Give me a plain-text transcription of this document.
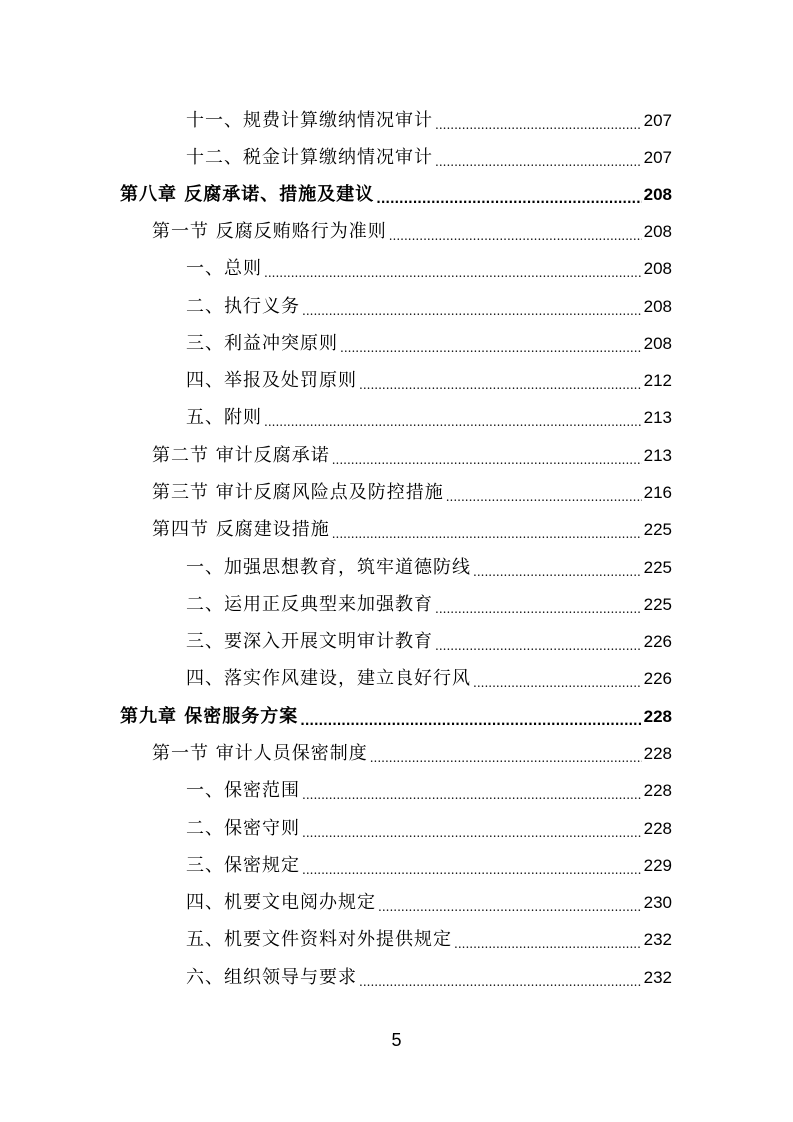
十一、规费计算缴纳情况审计 .....	207
十二、税金计算缴纳情况审计 .....	207
第八章 反腐承诺、措施及建议 .....	208
第一节 反腐反贿赂行为准则 .....	208
一、总则 .....	208
二、执行义务 .....	208
三、利益冲突原则 .....	208
四、举报及处罚原则 .....	212
五、附则 .....	213
第二节 审计反腐承诺 .....	213
第三节 审计反腐风险点及防控措施 .....	216
第四节 反腐建设措施 .....	225
一、加强思想教育，筑牢道德防线 .....	225
二、运用正反典型来加强教育 .....	225
三、要深入开展文明审计教育 .....	226
四、落实作风建设，建立良好行风 .....	226
第九章 保密服务方案 .....	228
第一节 审计人员保密制度 .....	228
一、保密范围 .....	228
二、保密守则 .....	228
三、保密规定 .....	229
四、机要文电阅办规定 .....	230
五、机要文件资料对外提供规定 .....	232
六、组织领导与要求 .....	232
5
